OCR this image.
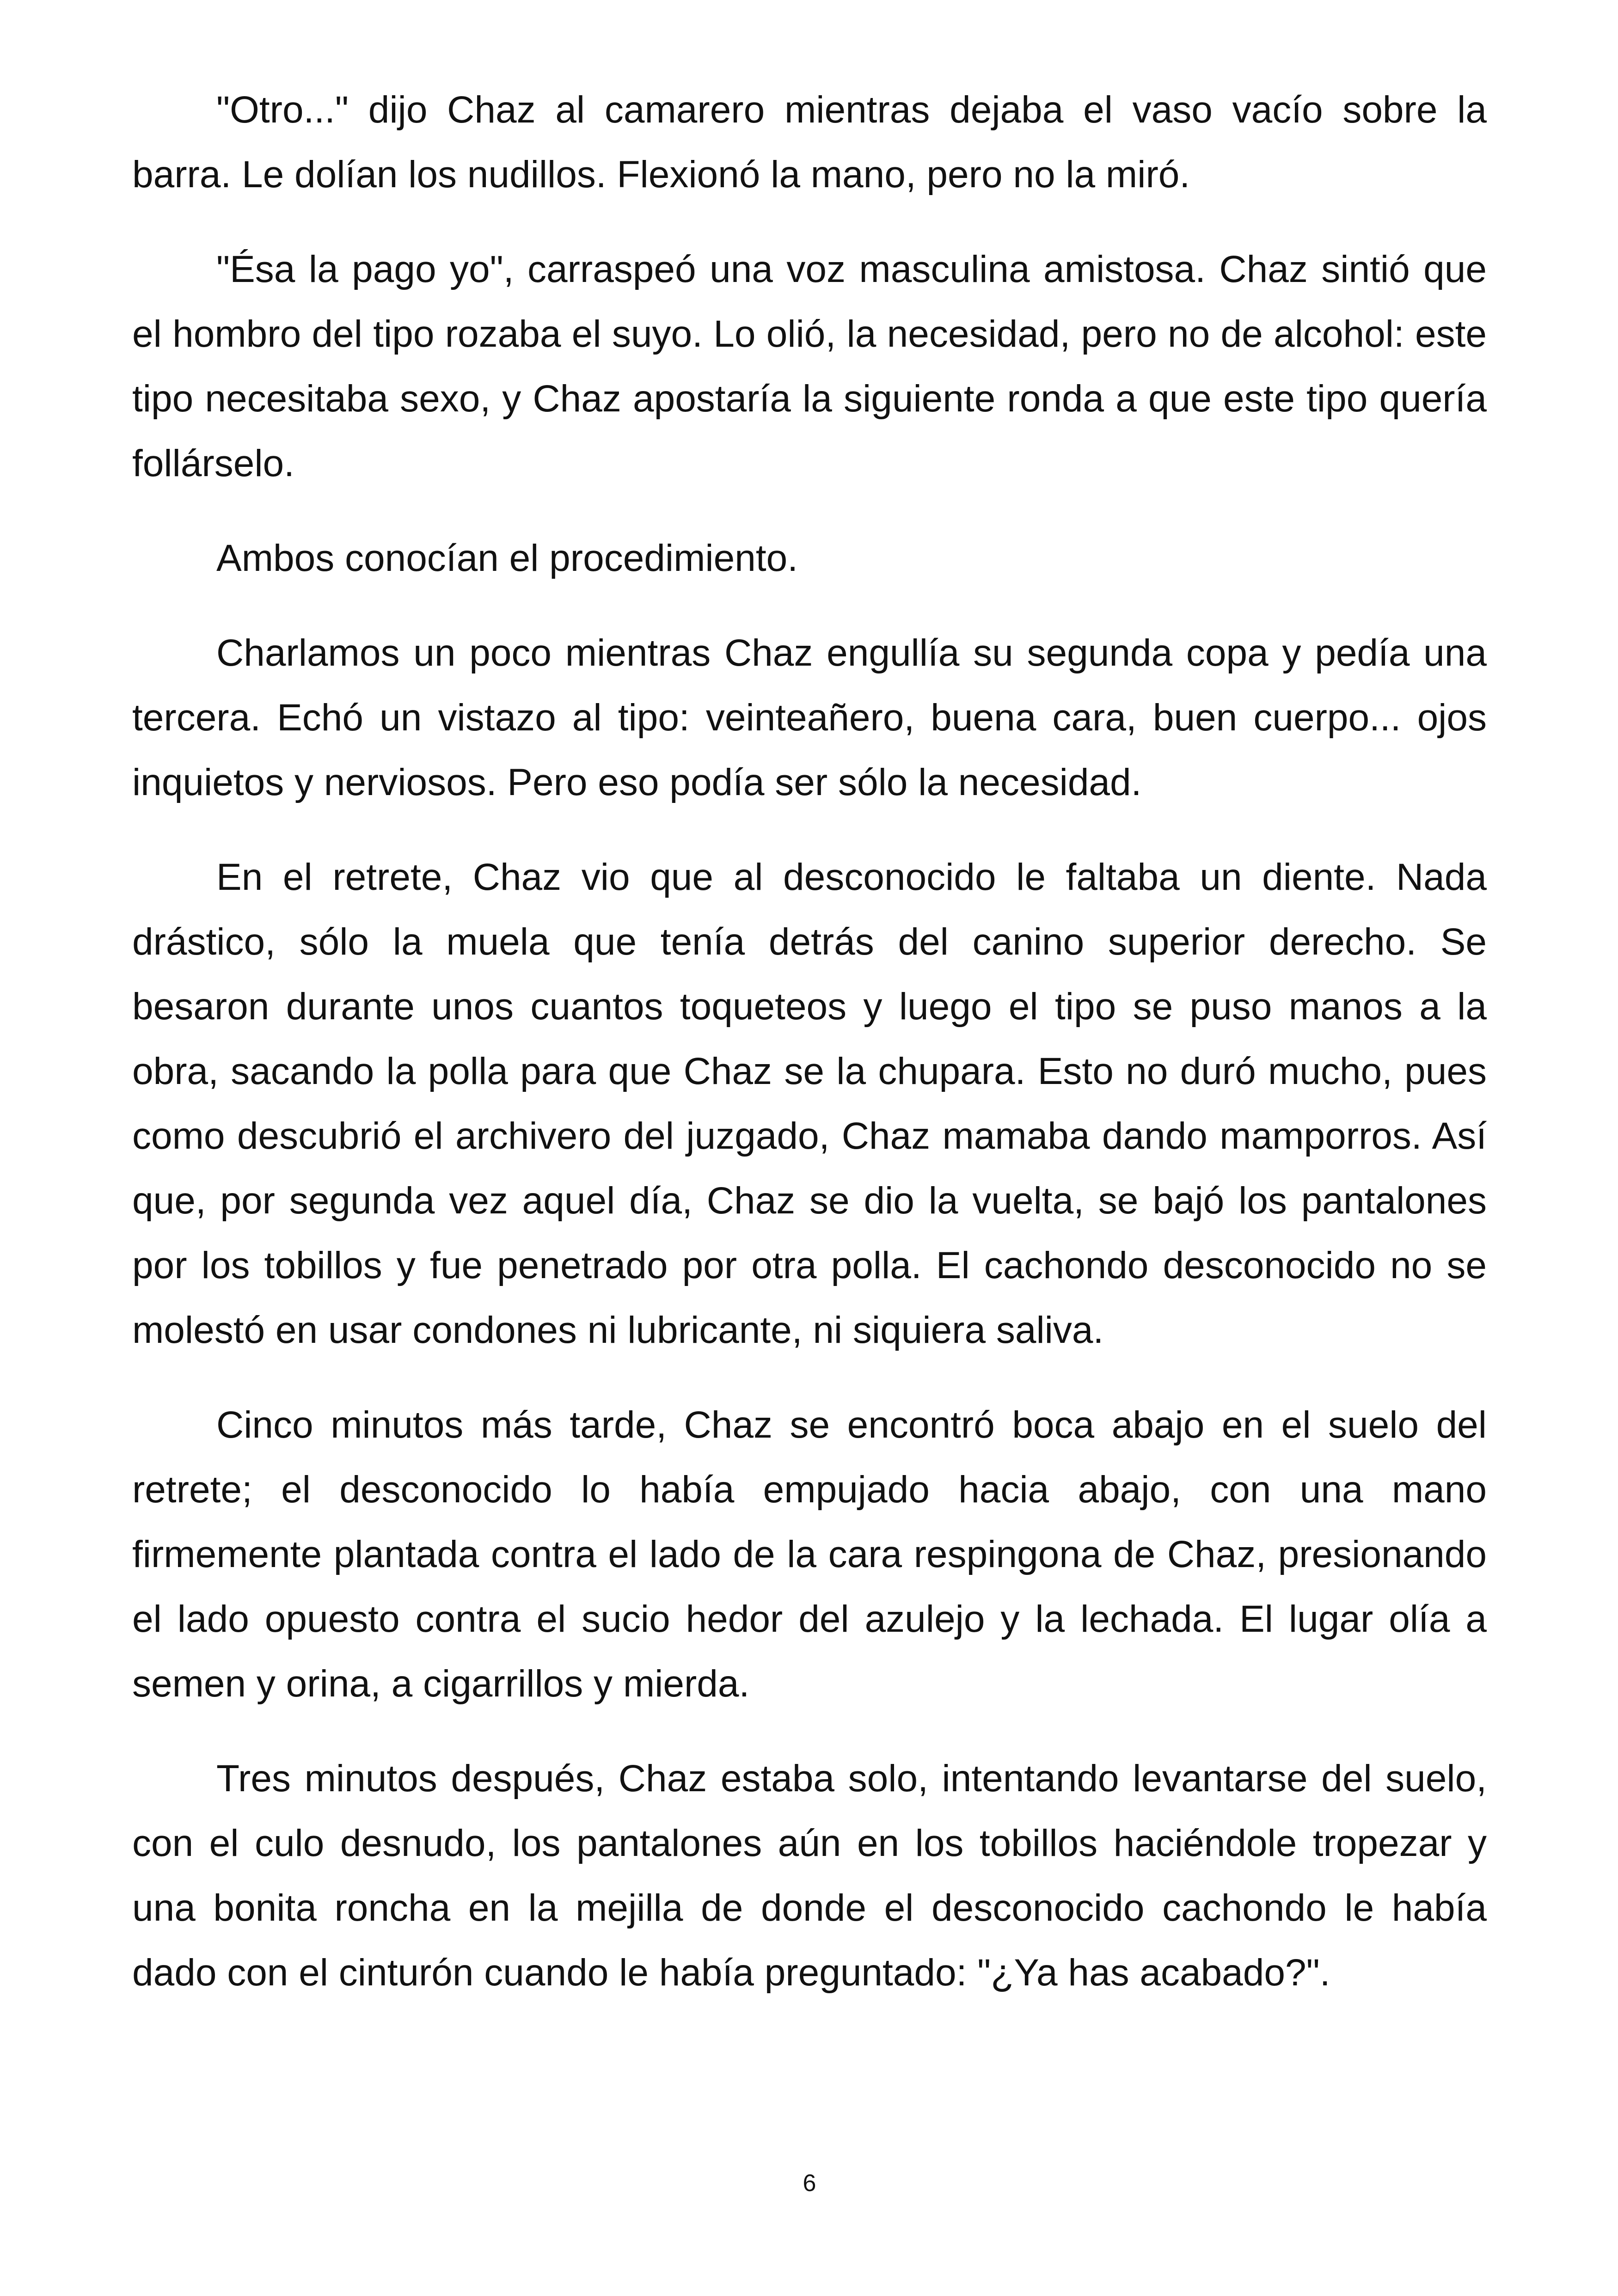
"Otro..." dijo Chaz al camarero mientras dejaba el vaso vacío sobre la barra. Le dolían los nudillos. Flexionó la mano, pero no la miró.

"Ésa la pago yo", carraspeó una voz masculina amistosa. Chaz sintió que el hombro del tipo rozaba el suyo. Lo olió, la necesidad, pero no de alcohol: este tipo necesitaba sexo, y Chaz apostaría la siguiente ronda a que este tipo quería follárselo.

Ambos conocían el procedimiento.

Charlamos un poco mientras Chaz engullía su segunda copa y pedía una tercera. Echó un vistazo al tipo: veinteañero, buena cara, buen cuerpo... ojos inquietos y nerviosos. Pero eso podía ser sólo la necesidad.

En el retrete, Chaz vio que al desconocido le faltaba un diente. Nada drástico, sólo la muela que tenía detrás del canino superior derecho. Se besaron durante unos cuantos toqueteos y luego el tipo se puso manos a la obra, sacando la polla para que Chaz se la chupara. Esto no duró mucho, pues como descubrió el archivero del juzgado, Chaz mamaba dando mamporros. Así que, por segunda vez aquel día, Chaz se dio la vuelta, se bajó los pantalones por los tobillos y fue penetrado por otra polla. El cachondo desconocido no se molestó en usar condones ni lubricante, ni siquiera saliva.

Cinco minutos más tarde, Chaz se encontró boca abajo en el suelo del retrete; el desconocido lo había empujado hacia abajo, con una mano firmemente plantada contra el lado de la cara respingona de Chaz, presionando el lado opuesto contra el sucio hedor del azulejo y la lechada. El lugar olía a semen y orina, a cigarrillos y mierda.

Tres minutos después, Chaz estaba solo, intentando levantarse del suelo, con el culo desnudo, los pantalones aún en los tobillos haciéndole tropezar y una bonita roncha en la mejilla de donde el desconocido cachondo le había dado con el cinturón cuando le había preguntado: "¿Ya has acabado?".

6
